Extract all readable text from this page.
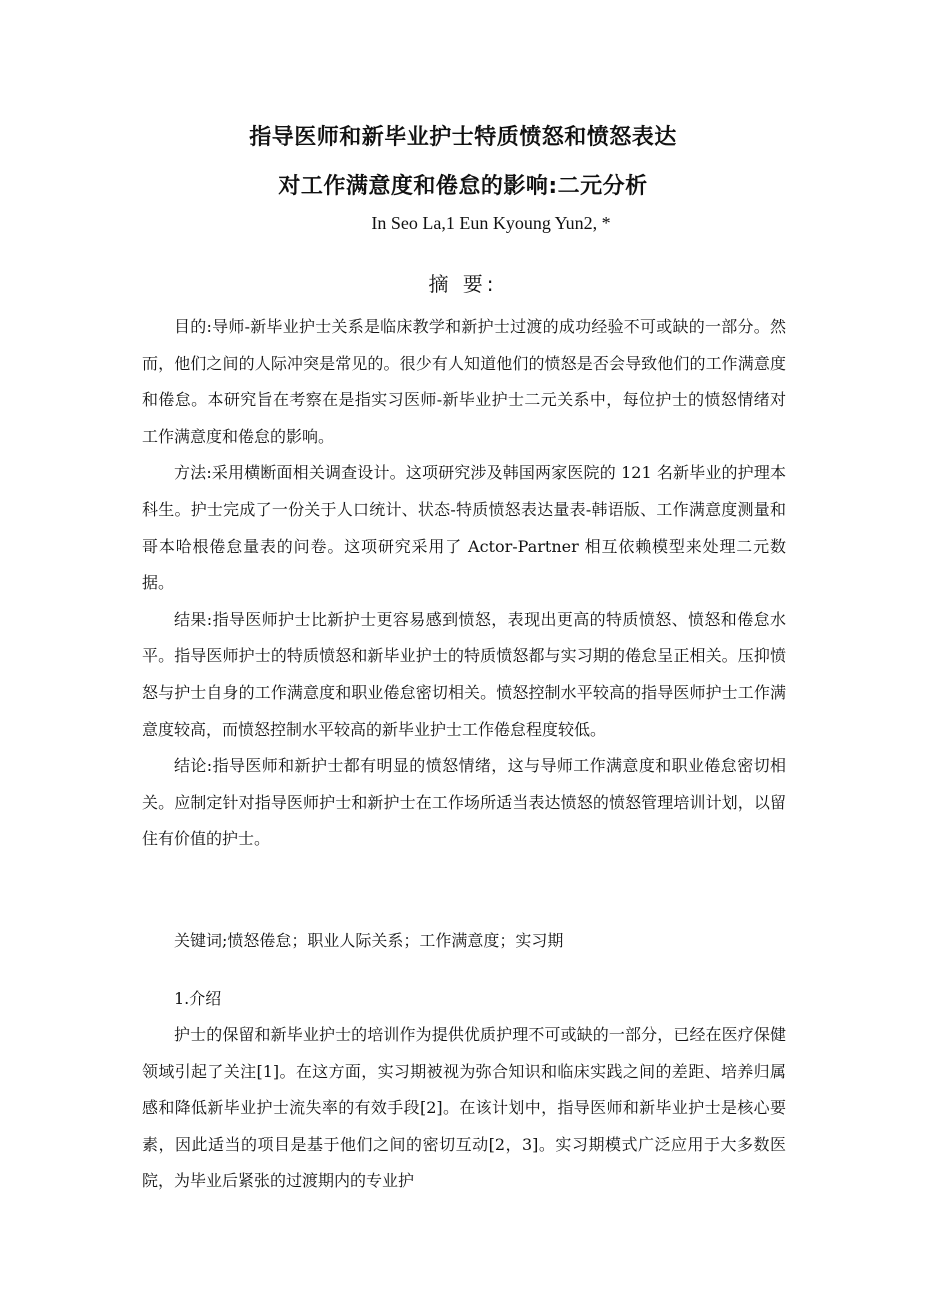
指导医师和新毕业护士特质愤怒和愤怒表达
对工作满意度和倦怠的影响:二元分析
In Seo La,1 Eun Kyoung Yun2, *
摘 要:

目的:导师-新毕业护士关系是临床教学和新护士过渡的成功经验不可或缺的一部分。然而，他们之间的人际冲突是常见的。很少有人知道他们的愤怒是否会导致他们的工作满意度和倦怠。本研究旨在考察在是指实习医师-新毕业护士二元关系中，每位护士的愤怒情绪对工作满意度和倦怠的影响。

方法:采用横断面相关调查设计。这项研究涉及韩国两家医院的 121 名新毕业的护理本科生。护士完成了一份关于人口统计、状态-特质愤怒表达量表-韩语版、工作满意度测量和哥本哈根倦怠量表的问卷。这项研究采用了 Actor-Partner 相互依赖模型来处理二元数据。

结果:指导医师护士比新护士更容易感到愤怒，表现出更高的特质愤怒、愤怒和倦怠水平。指导医师护士的特质愤怒和新毕业护士的特质愤怒都与实习期的倦怠呈正相关。压抑愤怒与护士自身的工作满意度和职业倦怠密切相关。愤怒控制水平较高的指导医师护士工作满意度较高，而愤怒控制水平较高的新毕业护士工作倦怠程度较低。

结论:指导医师和新护士都有明显的愤怒情绪，这与导师工作满意度和职业倦怠密切相关。应制定针对指导医师护士和新护士在工作场所适当表达愤怒的愤怒管理培训计划，以留住有价值的护士。

关键词;愤怒倦怠；职业人际关系；工作满意度；实习期
1.介绍

护士的保留和新毕业护士的培训作为提供优质护理不可或缺的一部分，已经在医疗保健领域引起了关注[1]。在这方面，实习期被视为弥合知识和临床实践之间的差距、培养归属感和降低新毕业护士流失率的有效手段[2]。在该计划中，指导医师和新毕业护士是核心要素，因此适当的项目是基于他们之间的密切互动[2，3]。实习期模式广泛应用于大多数医院，为毕业后紧张的过渡期内的专业护
